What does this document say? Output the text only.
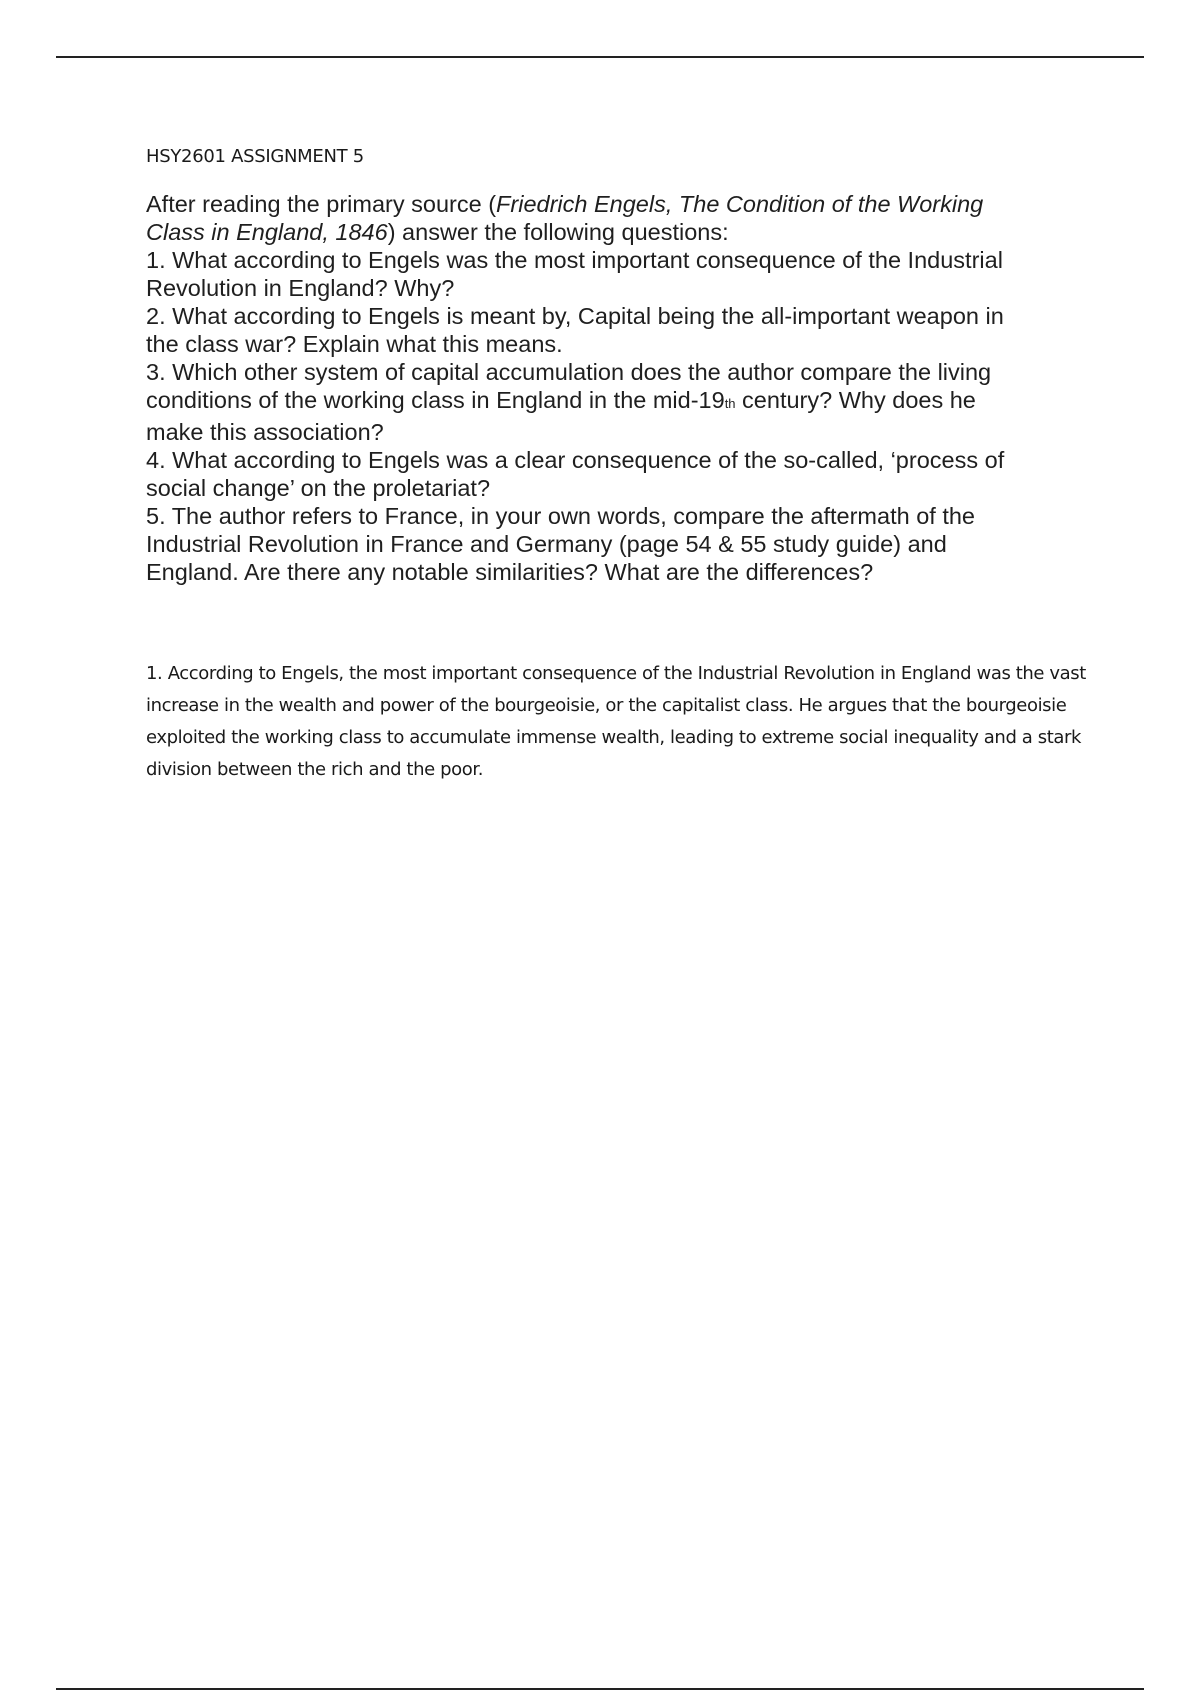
HSY2601 ASSIGNMENT 5

After reading the primary source (Friedrich Engels, The Condition of the Working Class in England, 1846) answer the following questions:

1. What according to Engels was the most important consequence of the Industrial Revolution in England? Why?

2. What according to Engels is meant by, Capital being the all-important weapon in the class war? Explain what this means.

3. Which other system of capital accumulation does the author compare the living conditions of the working class in England in the mid-19th century? Why does he make this association?

4. What according to Engels was a clear consequence of the so-called, ‘process of social change’ on the proletariat?

5. The author refers to France, in your own words, compare the aftermath of the Industrial Revolution in France and Germany (page 54 & 55 study guide) and England. Are there any notable similarities? What are the differences?

1. According to Engels, the most important consequence of the Industrial Revolution in England was the vast increase in the wealth and power of the bourgeoisie, or the capitalist class. He argues that the bourgeoisie exploited the working class to accumulate immense wealth, leading to extreme social inequality and a stark division between the rich and the poor.
